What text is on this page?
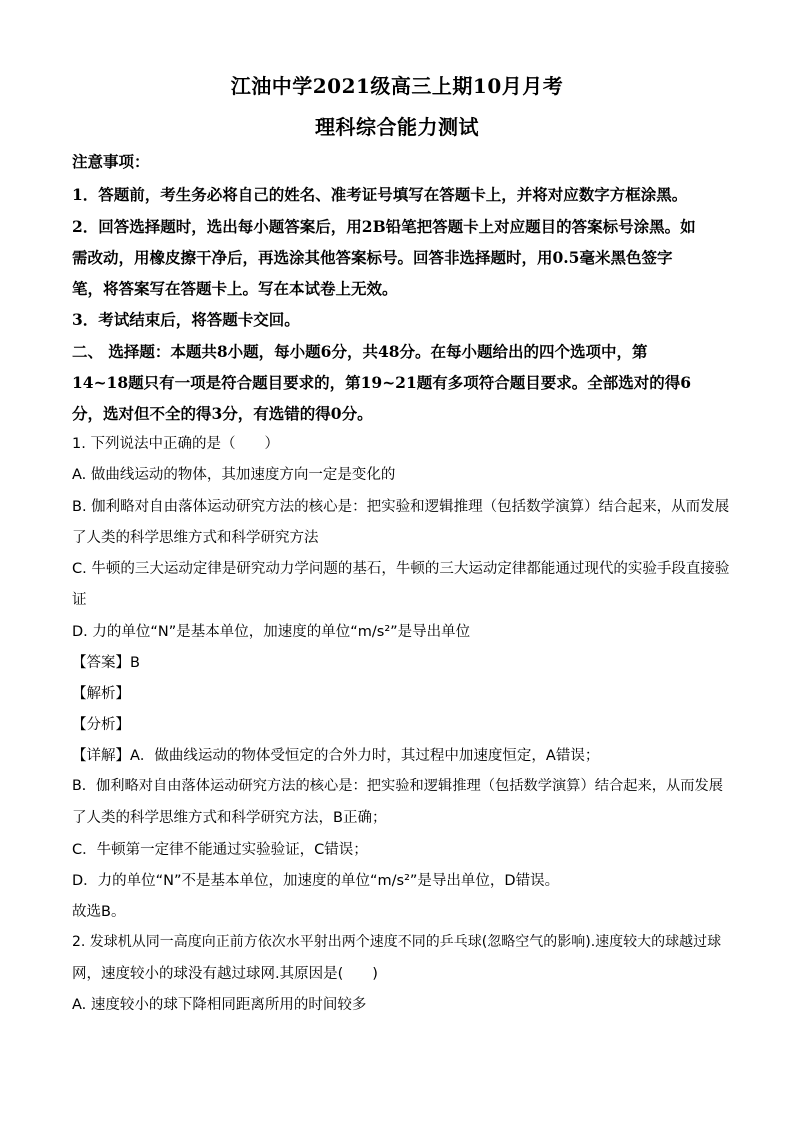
江油中学2021级高三上期10月月考
理科综合能力测试
注意事项：
1．答题前，考生务必将自己的姓名、准考证号填写在答题卡上，并将对应数字方框涂黑。
2．回答选择题时，选出每小题答案后，用2B铅笔把答题卡上对应题目的答案标号涂黑。如
需改动，用橡皮擦干净后，再选涂其他答案标号。回答非选择题时，用0.5毫米黑色签字
笔，将答案写在答题卡上。写在本试卷上无效。
3．考试结束后，将答题卡交回。
二、 选择题：本题共8小题，每小题6分，共48分。在每小题给出的四个选项中，第
14~18题只有一项是符合题目要求的，第19~21题有多项符合题目要求。全部选对的得6
分，选对但不全的得3分，有选错的得0分。
1. 下列说法中正确的是（　　）
A. 做曲线运动的物体，其加速度方向一定是变化的
B. 伽利略对自由落体运动研究方法的核心是：把实验和逻辑推理（包括数学演算）结合起来，从而发展
了人类的科学思维方式和科学研究方法
C. 牛顿的三大运动定律是研究动力学问题的基石，牛顿的三大运动定律都能通过现代的实验手段直接验
证
D. 力的单位“N”是基本单位，加速度的单位“m/s²”是导出单位
【答案】B
【解析】
【分析】
【详解】A．做曲线运动的物体受恒定的合外力时，其过程中加速度恒定，A错误；
B．伽利略对自由落体运动研究方法的核心是：把实验和逻辑推理（包括数学演算）结合起来，从而发展
了人类的科学思维方式和科学研究方法，B正确；
C．牛顿第一定律不能通过实验验证，C错误；
D．力的单位“N”不是基本单位，加速度的单位“m/s²”是导出单位，D错误。
故选B。
2. 发球机从同一高度向正前方依次水平射出两个速度不同的乒乓球(忽略空气的影响).速度较大的球越过球
网，速度较小的球没有越过球网.其原因是(　　)
A. 速度较小的球下降相同距离所用的时间较多
